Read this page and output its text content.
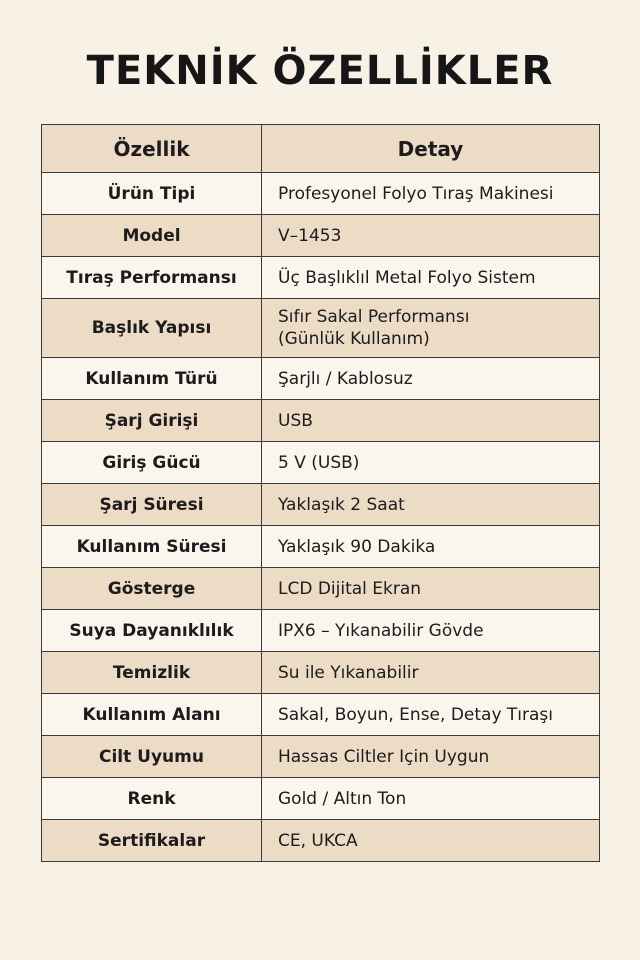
TEKNİK ÖZELLİKLER
Özellik	Detay
Ürün Tipi	Profesyonel Folyo Tıraş Makinesi
Model	V–1453
Tıraş Performansı	Üç Başlıklıl Metal Folyo Sistem
Başlık Yapısı	Sıfır Sakal Performansı
(Günlük Kullanım)
Kullanım Türü	Şarjlı / Kablosuz
Şarj Girişi	USB
Giriş Gücü	5 V (USB)
Şarj Süresi	Yaklaşık 2 Saat
Kullanım Süresi	Yaklaşık 90 Dakika
Gösterge	LCD Dijital Ekran
Suya Dayanıklılık	IPX6 – Yıkanabilir Gövde
Temizlik	Su ile Yıkanabilir
Kullanım Alanı	Sakal, Boyun, Ense, Detay Tıraşı
Cilt Uyumu	Hassas Ciltler Için Uygun
Renk	Gold / Altın Ton
Sertifikalar	CE, UKCA
